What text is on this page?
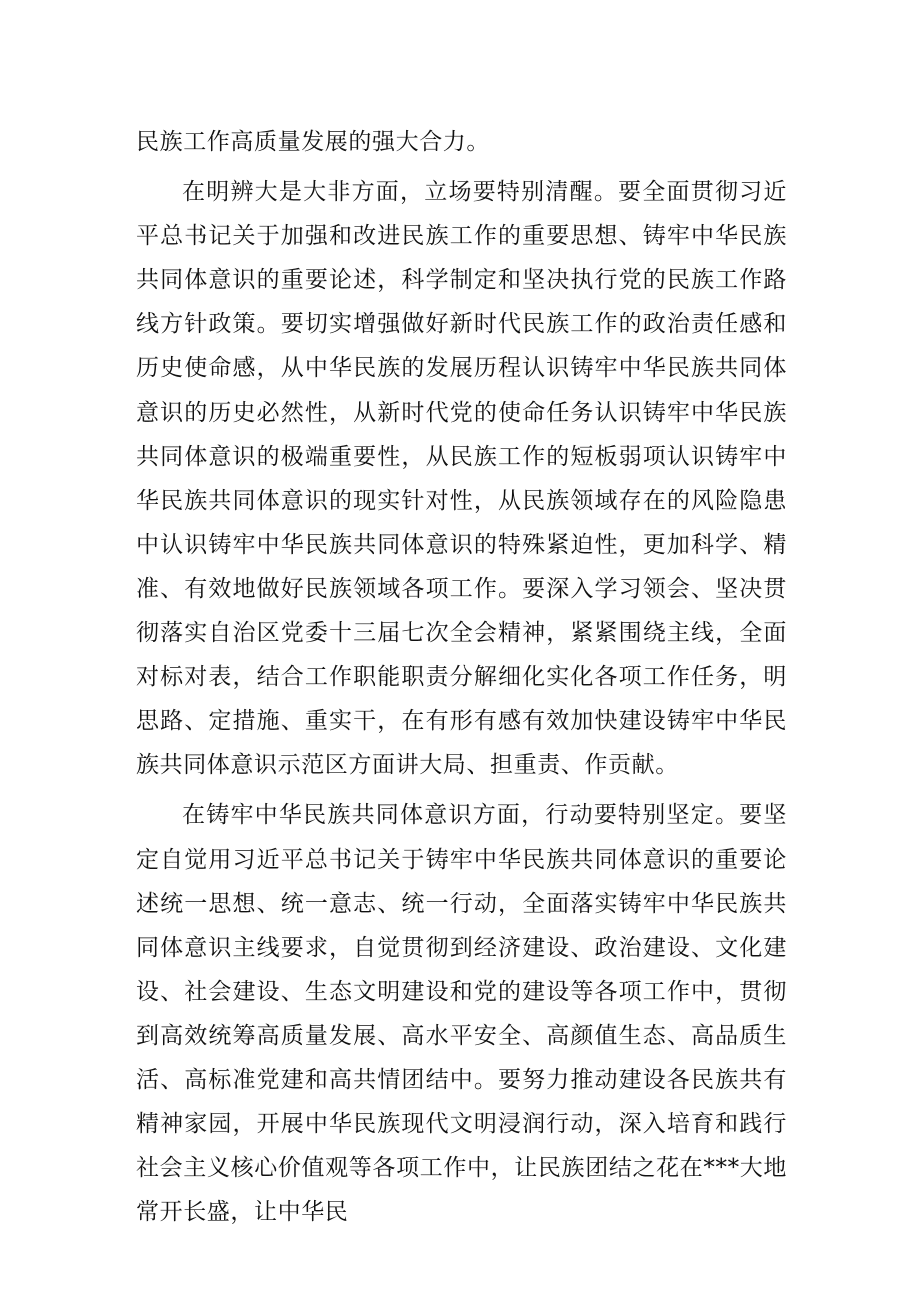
民族工作高质量发展的强大合力。

在明辨大是大非方面，立场要特别清醒。要全面贯彻习近平总书记关于加强和改进民族工作的重要思想、铸牢中华民族共同体意识的重要论述，科学制定和坚决执行党的民族工作路线方针政策。要切实增强做好新时代民族工作的政治责任感和历史使命感，从中华民族的发展历程认识铸牢中华民族共同体意识的历史必然性，从新时代党的使命任务认识铸牢中华民族共同体意识的极端重要性，从民族工作的短板弱项认识铸牢中华民族共同体意识的现实针对性，从民族领域存在的风险隐患中认识铸牢中华民族共同体意识的特殊紧迫性，更加科学、精准、有效地做好民族领域各项工作。要深入学习领会、坚决贯彻落实自治区党委十三届七次全会精神，紧紧围绕主线，全面对标对表，结合工作职能职责分解细化实化各项工作任务，明思路、定措施、重实干，在有形有感有效加快建设铸牢中华民族共同体意识示范区方面讲大局、担重责、作贡献。

在铸牢中华民族共同体意识方面，行动要特别坚定。要坚定自觉用习近平总书记关于铸牢中华民族共同体意识的重要论述统一思想、统一意志、统一行动，全面落实铸牢中华民族共同体意识主线要求，自觉贯彻到经济建设、政治建设、文化建设、社会建设、生态文明建设和党的建设等各项工作中，贯彻到高效统筹高质量发展、高水平安全、高颜值生态、高品质生活、高标准党建和高共情团结中。要努力推动建设各民族共有精神家园，开展中华民族现代文明浸润行动，深入培育和践行社会主义核心价值观等各项工作中，让民族团结之花在***大地常开长盛，让中华民
